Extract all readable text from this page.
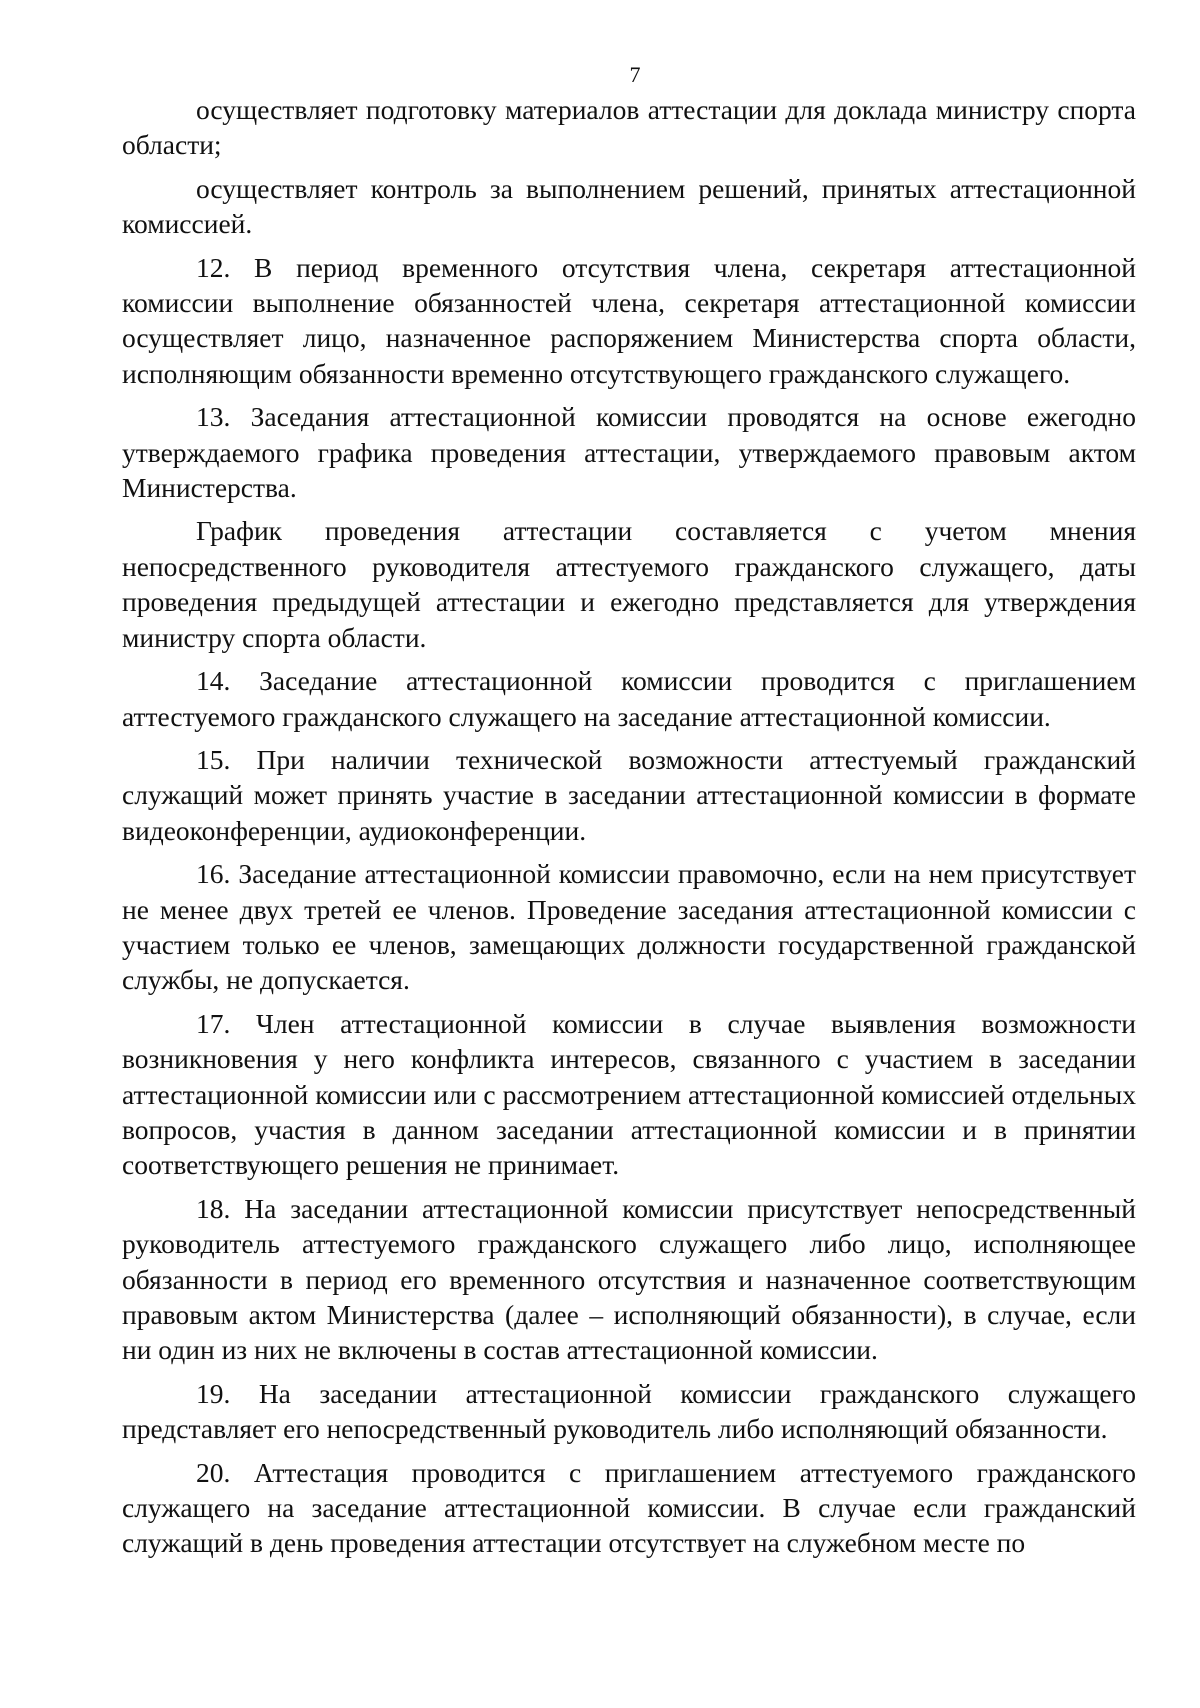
7

осуществляет подготовку материалов аттестации для доклада министру спорта области;

осуществляет контроль за выполнением решений, принятых аттестационной комиссией.

12. В период временного отсутствия члена, секретаря аттестационной комиссии выполнение обязанностей члена, секретаря аттестационной комиссии осуществляет лицо, назначенное распоряжением Министерства спорта области, исполняющим обязанности временно отсутствующего гражданского служащего.

13. Заседания аттестационной комиссии проводятся на основе ежегодно утверждаемого графика проведения аттестации, утверждаемого правовым актом Министерства.

График проведения аттестации составляется с учетом мнения непосредственного руководителя аттестуемого гражданского служащего, даты проведения предыдущей аттестации и ежегодно представляется для утверждения министру спорта области.

14. Заседание аттестационной комиссии проводится с приглашением аттестуемого гражданского служащего на заседание аттестационной комиссии.

15. При наличии технической возможности аттестуемый гражданский служащий может принять участие в заседании аттестационной комиссии в формате видеоконференции, аудиоконференции.

16. Заседание аттестационной комиссии правомочно, если на нем присутствует не менее двух третей ее членов. Проведение заседания аттестационной комиссии с участием только ее членов, замещающих должности государственной гражданской службы, не допускается.

17. Член аттестационной комиссии в случае выявления возможности возникновения у него конфликта интересов, связанного с участием в заседании аттестационной комиссии или с рассмотрением аттестационной комиссией отдельных вопросов, участия в данном заседании аттестационной комиссии и в принятии соответствующего решения не принимает.

18. На заседании аттестационной комиссии присутствует непосредственный руководитель аттестуемого гражданского служащего либо лицо, исполняющее обязанности в период его временного отсутствия и назначенное соответствующим правовым актом Министерства (далее – исполняющий обязанности), в случае, если ни один из них не включены в состав аттестационной комиссии.

19. На заседании аттестационной комиссии гражданского служащего представляет его непосредственный руководитель либо исполняющий обязанности.

20. Аттестация проводится с приглашением аттестуемого гражданского служащего на заседание аттестационной комиссии. В случае если гражданский служащий в день проведения аттестации отсутствует на служебном месте по
